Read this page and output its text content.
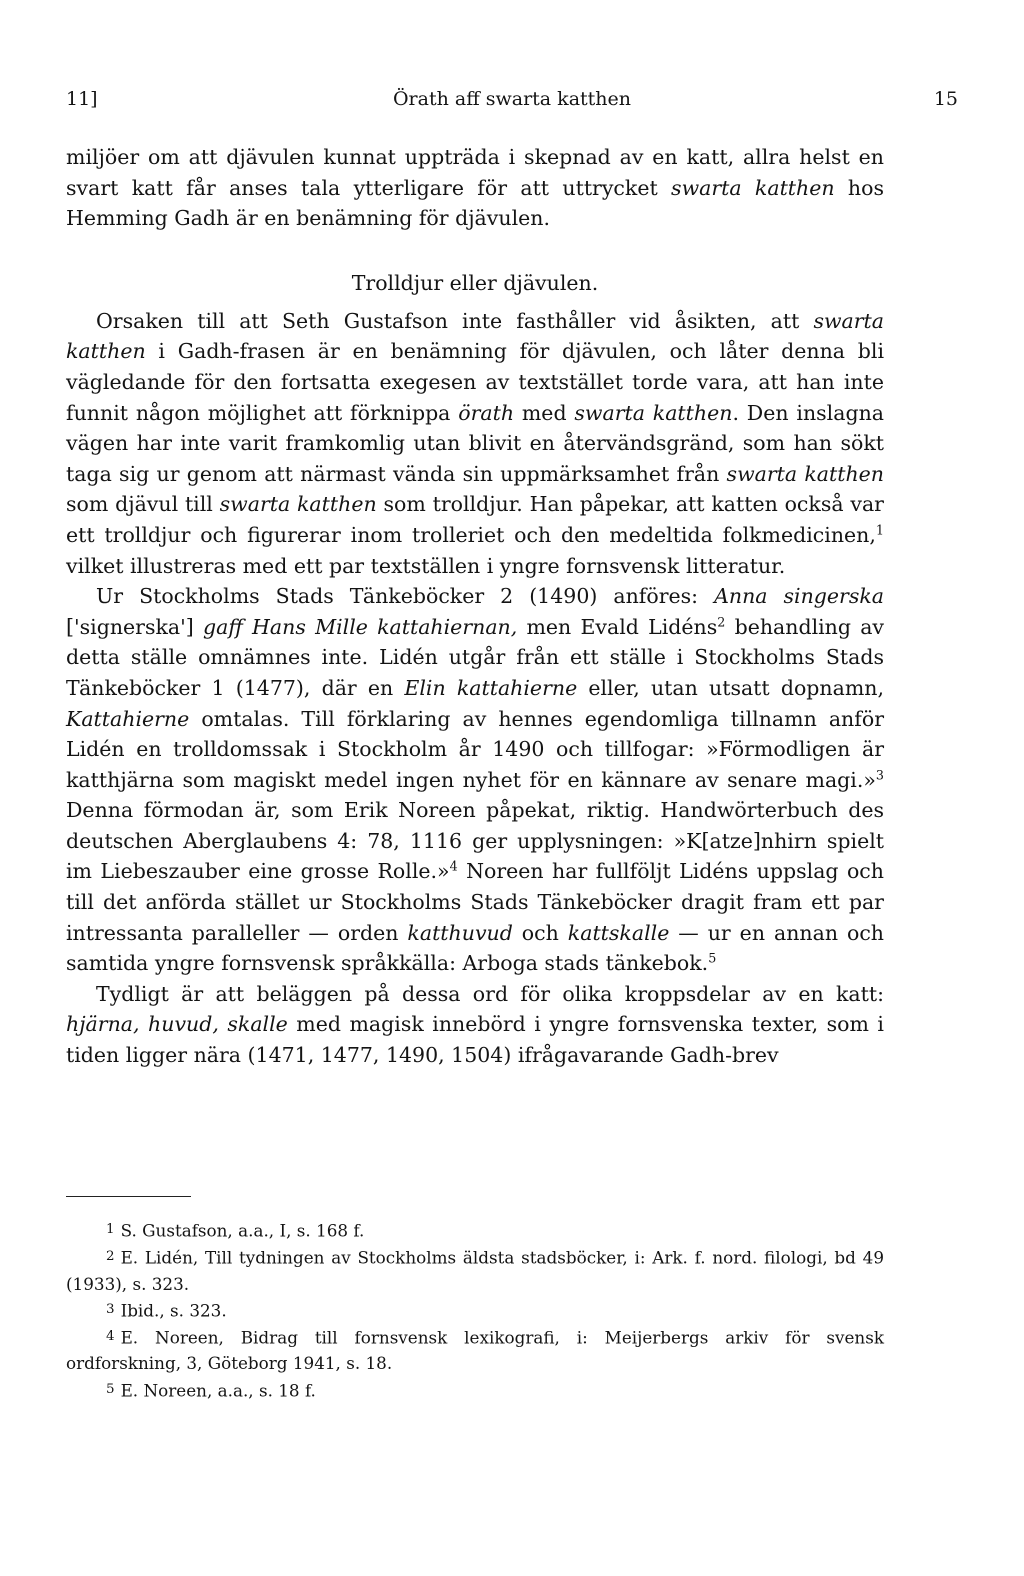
11]	Örath aff swarta katthen	15

miljöer om att djävulen kunnat uppträda i skepnad av en katt, allra helst en svart katt får anses tala ytterligare för att uttrycket swarta katthen hos Hemming Gadh är en benämning för djävulen.

Trolldjur eller djävulen.

Orsaken till att Seth Gustafson inte fasthåller vid åsikten, att swarta katthen i Gadh-frasen är en benämning för djävulen, och låter denna bli vägledande för den fortsatta exegesen av textstället torde vara, att han inte funnit någon möjlighet att förknippa örath med swarta katthen. Den inslagna vägen har inte varit framkomlig utan blivit en återvändsgränd, som han sökt taga sig ur genom att närmast vända sin uppmärksamhet från swarta katthen som djävul till swarta katthen som trolldjur. Han påpekar, att katten också var ett trolldjur och figurerar inom trolleriet och den medeltida folkmedicinen,$^1$ vilket illustreras med ett par textställen i yngre fornsvensk litteratur.

Ur Stockholms Stads Tänkeböcker 2 (1490) anföres: Anna singerska ['signerska'] gaff Hans Mille kattahiernan, men Evald Lidéns$^2$ behandling av detta ställe omnämnes inte. Lidén utgår från ett ställe i Stockholms Stads Tänkeböcker 1 (1477), där en Elin kattahierne eller, utan utsatt dopnamn, Kattahierne omtalas. Till förklaring av hennes egendomliga tillnamn anför Lidén en trolldomssak i Stockholm år 1490 och tillfogar: »Förmodligen är katthjärna som magiskt medel ingen nyhet för en kännare av senare magi.»$^3$ Denna förmodan är, som Erik Noreen påpekat, riktig. Handwörterbuch des deutschen Aberglaubens 4: 78, 1116 ger upplysningen: »K[atze]nhirn spielt im Liebeszauber eine grosse Rolle.»$^4$ Noreen har fullföljt Lidéns uppslag och till det anförda stället ur Stockholms Stads Tänkeböcker dragit fram ett par intressanta paralleller — orden katthuvud och kattskalle — ur en annan och samtida yngre fornsvensk språkkälla: Arboga stads tänkebok.$^5$

Tydligt är att beläggen på dessa ord för olika kroppsdelar av en katt: hjärna, huvud, skalle med magisk innebörd i yngre fornsvenska texter, som i tiden ligger nära (1471, 1477, 1490, 1504) ifrågavarande Gadh-brev

1 S. Gustafson, a.a., I, s. 168 f.

2 E. Lidén, Till tydningen av Stockholms äldsta stadsböcker, i: Ark. f. nord. filologi, bd 49 (1933), s. 323.

3 Ibid., s. 323.

4 E. Noreen, Bidrag till fornsvensk lexikografi, i: Meijerbergs arkiv för svensk ordforskning, 3, Göteborg 1941, s. 18.

5 E. Noreen, a.a., s. 18 f.
